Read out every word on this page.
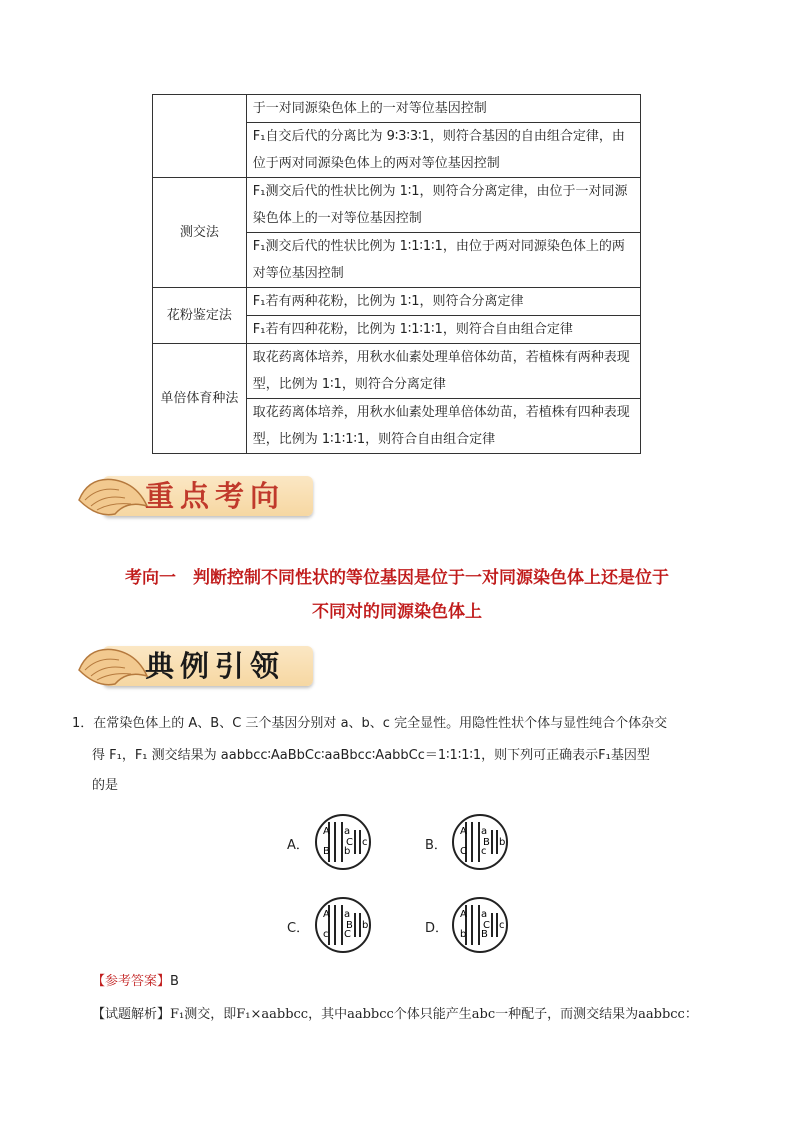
	于一对同源染色体上的一对等位基因控制
	F₁自交后代的分离比为 9∶3∶3∶1，则符合基因的自由组合定律，由位于两对同源染色体上的两对等位基因控制
测交法	F₁测交后代的性状比例为 1∶1，则符合分离定律，由位于一对同源染色体上的一对等位基因控制
	F₁测交后代的性状比例为 1∶1∶1∶1，由位于两对同源染色体上的两对等位基因控制
花粉鉴定法	F₁若有两种花粉，比例为 1∶1，则符合分离定律
	F₁若有四种花粉，比例为 1∶1∶1∶1，则符合自由组合定律
单倍体育种法	取花药离体培养，用秋水仙素处理单倍体幼苗，若植株有两种表现型，比例为 1∶1，则符合分离定律
	取花药离体培养，用秋水仙素处理单倍体幼苗，若植株有四种表现型，比例为 1∶1∶1∶1，则符合自由组合定律
重点考向
考向一　判断控制不同性状的等位基因是位于一对同源染色体上还是位于
不同对的同源染色体上
典例引领
1．在常染色体上的 A、B、C 三个基因分别对 a、b、c 完全显性。用隐性性状个体与显性纯合个体杂交
得 F₁，F₁ 测交结果为 aabbcc∶AaBbCc∶aaBbcc∶AabbCc＝1∶1∶1∶1，则下列可正确表示F₁基因型
的是
A．
A a
B b
C c	B．
A a
C c
B b
C．
A a
c C
B b	D．
A a
b B
C c
【参考答案】B
【试题解析】F₁测交，即F₁×aabbcc，其中aabbcc个体只能产生abc一种配子，而测交结果为aabbcc：
